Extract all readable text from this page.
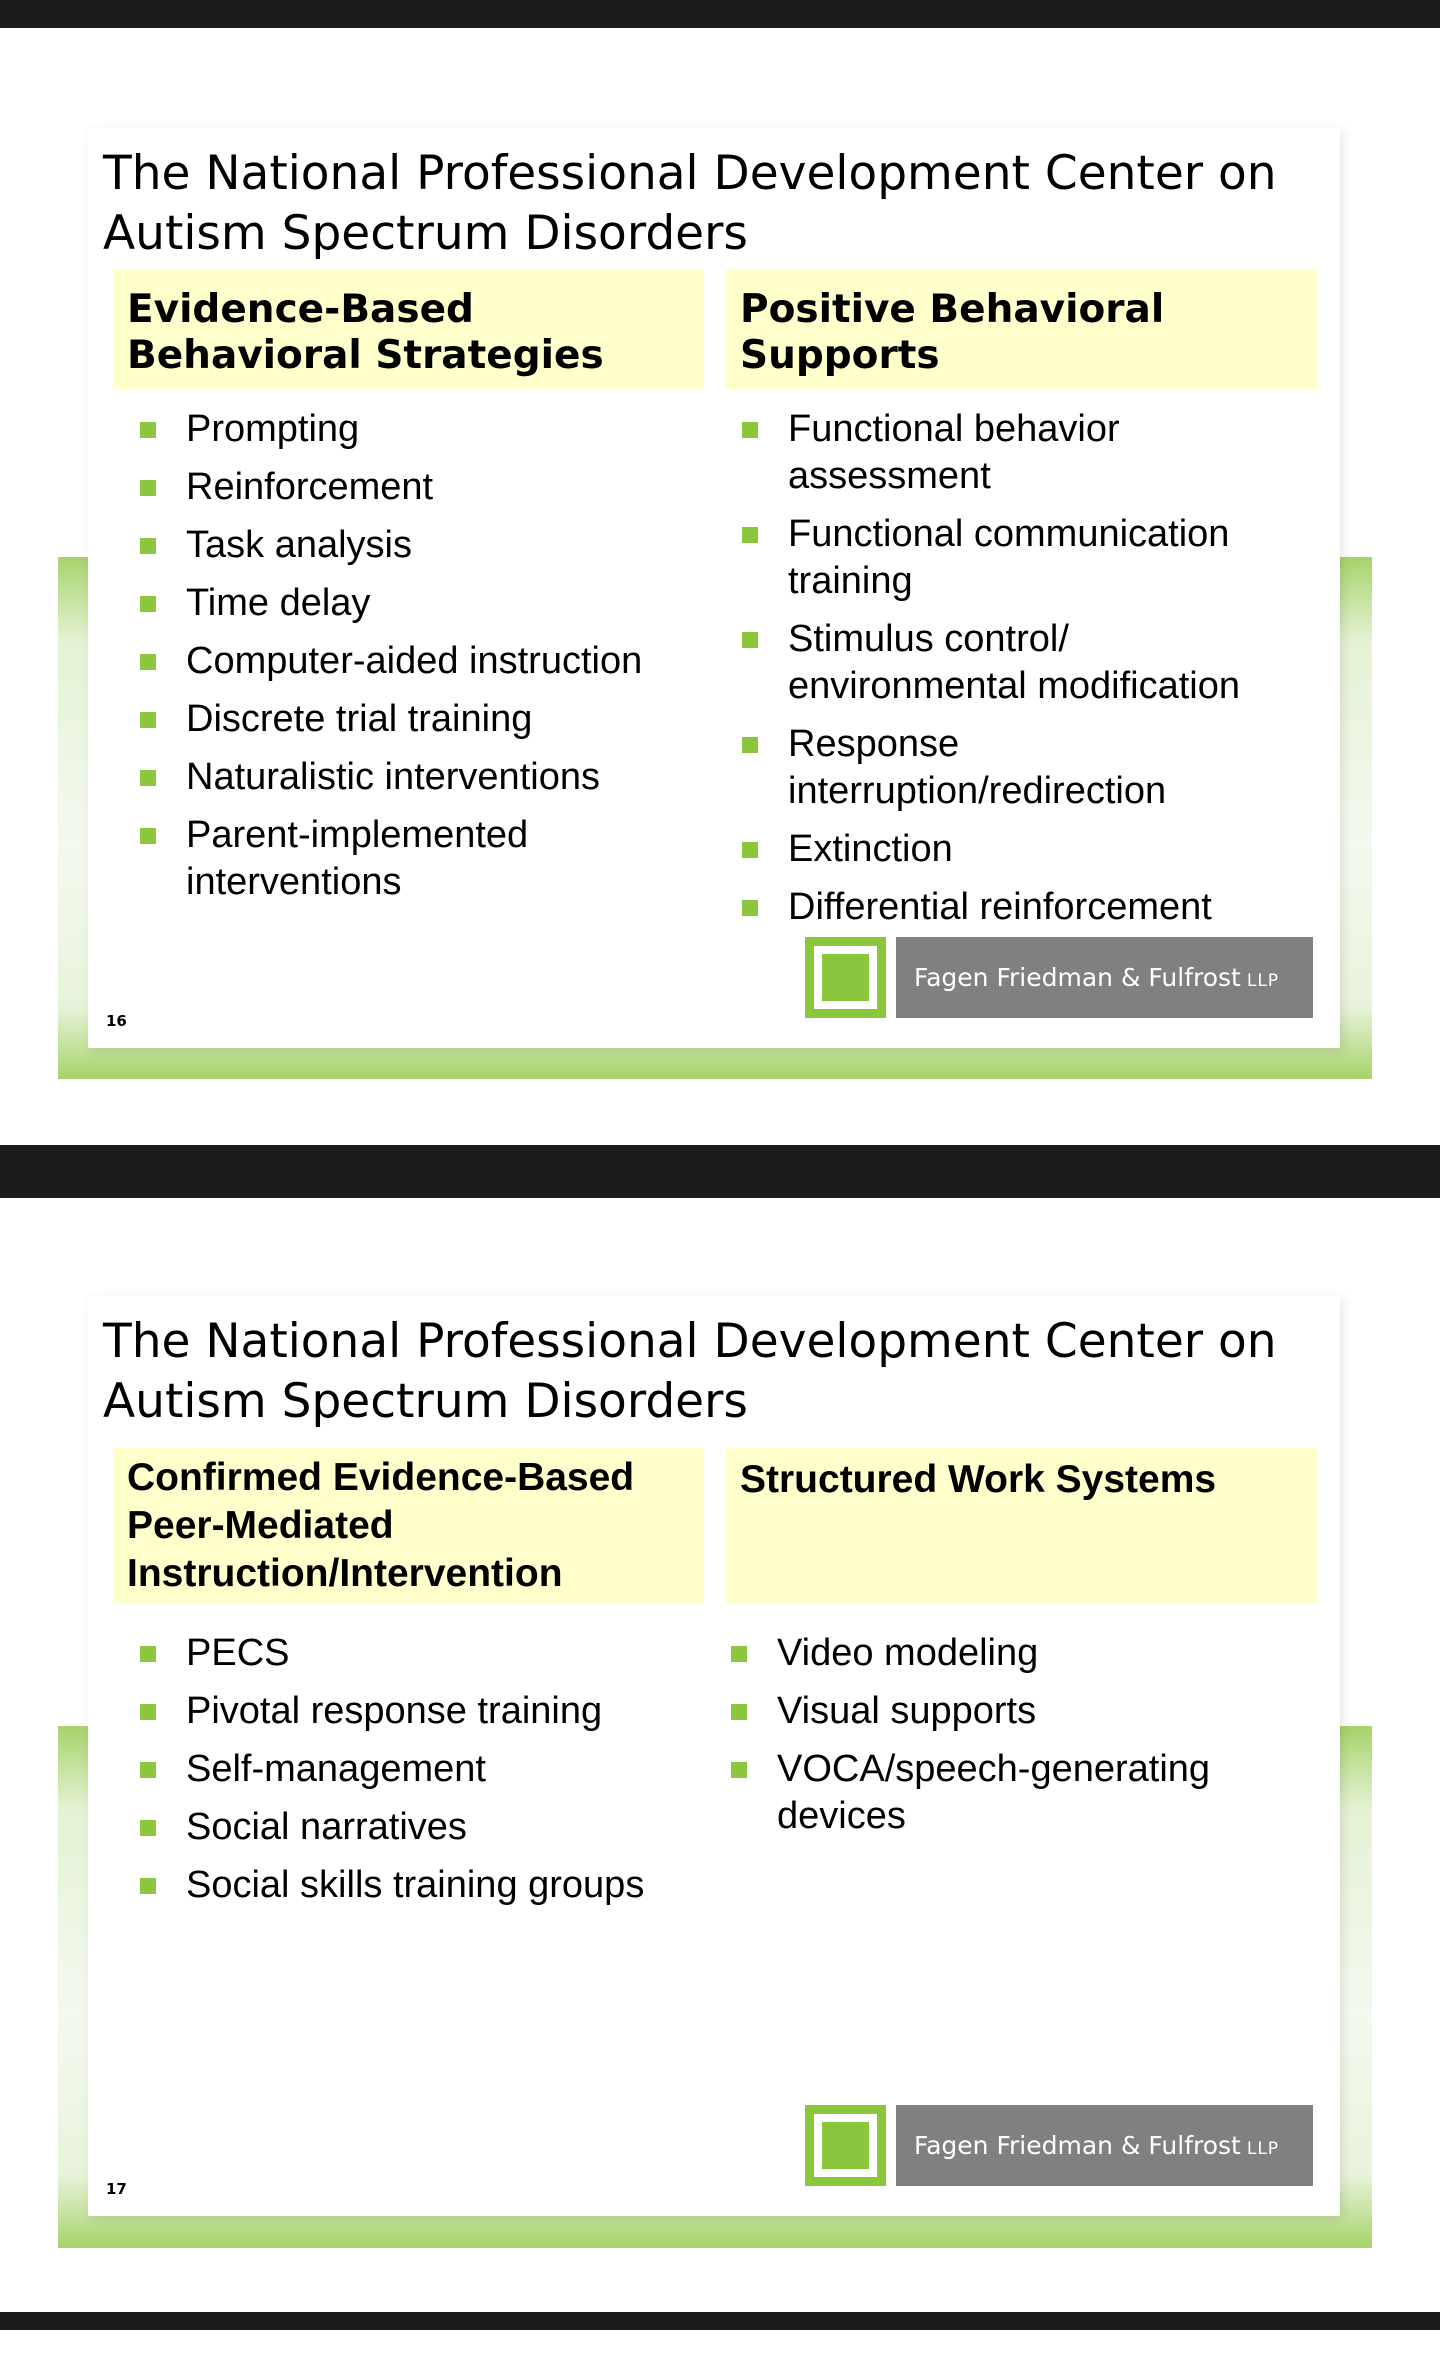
The National Professional Development Center on Autism Spectrum Disorders
Evidence-Based Behavioral Strategies
Positive Behavioral Supports
Prompting
Reinforcement
Task analysis
Time delay
Computer-aided instruction
Discrete trial training
Naturalistic interventions
Parent-implemented interventions
Functional behavior assessment
Functional communication training
Stimulus control/ environmental modification
Response interruption/redirection
Extinction
Differential reinforcement
Fagen Friedman & Fulfrost LLP
16
The National Professional Development Center on Autism Spectrum Disorders
Confirmed Evidence-Based Peer-Mediated Instruction/Intervention
Structured Work Systems
PECS
Pivotal response training
Self-management
Social narratives
Social skills training groups
Video modeling
Visual supports
VOCA/speech-generating devices
Fagen Friedman & Fulfrost LLP
17
